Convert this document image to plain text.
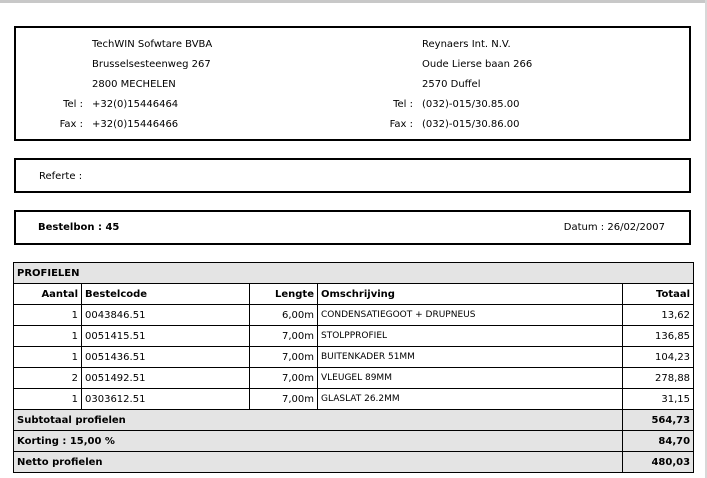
TechWIN Sofwtare BVBA
Brusselsesteenweg 267
2800 MECHELEN
Tel : +32(0)15446464
Fax : +32(0)15446466
Reynaers Int. N.V.
Oude Lierse baan 266
2570 Duffel
Tel : (032)-015/30.85.00
Fax : (032)-015/30.86.00
Referte :
Bestelbon : 45	Datum : 26/02/2007
PROFIELEN				
Aantal	Bestelcode	Lengte	Omschrijving	Totaal
1	0043846.51	6,00m	CONDENSATIEGOOT + DRUPNEUS	13,62
1	0051415.51	7,00m	STOLPPROFIEL	136,85
1	0051436.51	7,00m	BUITENKADER 51MM	104,23
2	0051492.51	7,00m	VLEUGEL 89MM	278,88
1	0303612.51	7,00m	GLASLAT 26.2MM	31,15
Subtotaal profielen				564,73
Korting : 15,00 %				84,70
Netto profielen				480,03
